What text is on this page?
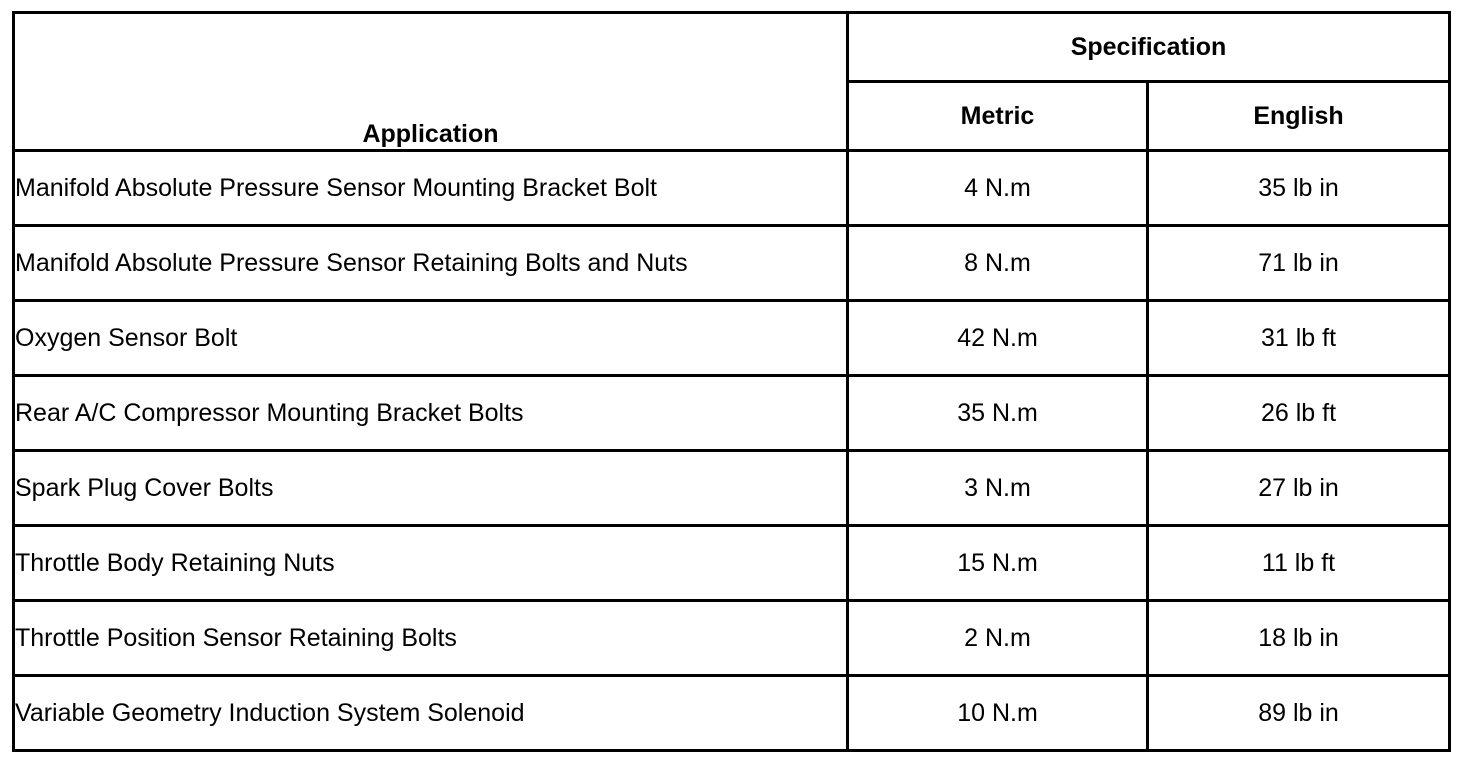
Application	Specification	
	Metric	English
Manifold Absolute Pressure Sensor Mounting Bracket Bolt	4 N.m	35 lb in
Manifold Absolute Pressure Sensor Retaining Bolts and Nuts	8 N.m	71 lb in
Oxygen Sensor Bolt	42 N.m	31 lb ft
Rear A/C Compressor Mounting Bracket Bolts	35 N.m	26 lb ft
Spark Plug Cover Bolts	3 N.m	27 lb in
Throttle Body Retaining Nuts	15 N.m	11 lb ft
Throttle Position Sensor Retaining Bolts	2 N.m	18 lb in
Variable Geometry Induction System Solenoid	10 N.m	89 lb in
